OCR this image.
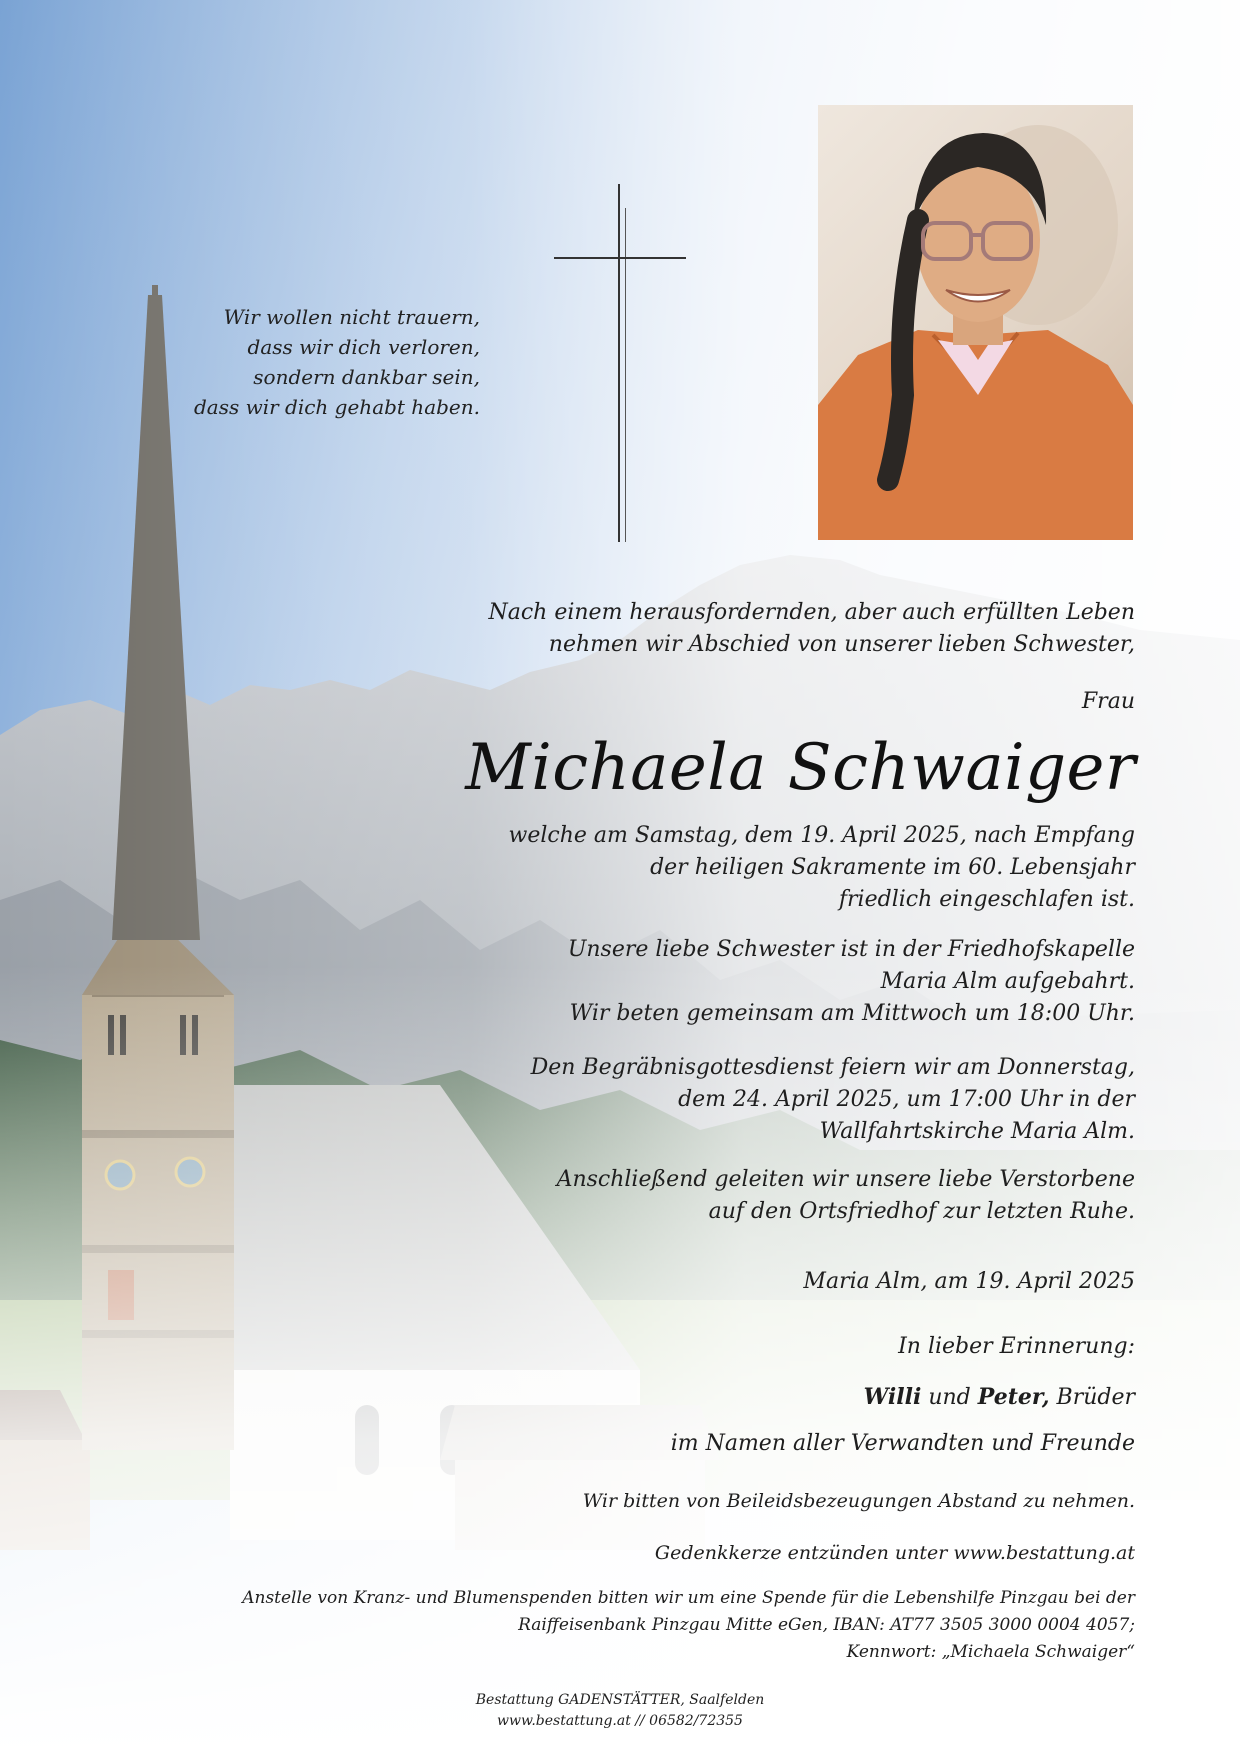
Wir wollen nicht trauern,
dass wir dich verloren,
sondern dankbar sein,
dass wir dich gehabt haben.
Nach einem herausfordernden, aber auch erfüllten Leben
nehmen wir Abschied von unserer lieben Schwester,
Frau
Michaela Schwaiger
welche am Samstag, dem 19. April 2025, nach Empfang
der heiligen Sakramente im 60. Lebensjahr
friedlich eingeschlafen ist.
Unsere liebe Schwester ist in der Friedhofskapelle
Maria Alm aufgebahrt.
Wir beten gemeinsam am Mittwoch um 18:00 Uhr.
Den Begräbnisgottesdienst feiern wir am Donnerstag,
dem 24. April 2025, um 17:00 Uhr in der
Wallfahrtskirche Maria Alm.
Anschließend geleiten wir unsere liebe Verstorbene
auf den Ortsfriedhof zur letzten Ruhe.
Maria Alm, am 19. April 2025
In lieber Erinnerung:
Willi und Peter, Brüder
im Namen aller Verwandten und Freunde
Wir bitten von Beileidsbezeugungen Abstand zu nehmen.
Gedenkkerze entzünden unter www.bestattung.at
Anstelle von Kranz- und Blumenspenden bitten wir um eine Spende für die Lebenshilfe Pinzgau bei der
Raiffeisenbank Pinzgau Mitte eGen, IBAN: AT77 3505 3000 0004 4057;
Kennwort: „Michaela Schwaiger“
Bestattung GADENSTÄTTER, Saalfelden
www.bestattung.at // 06582/72355
